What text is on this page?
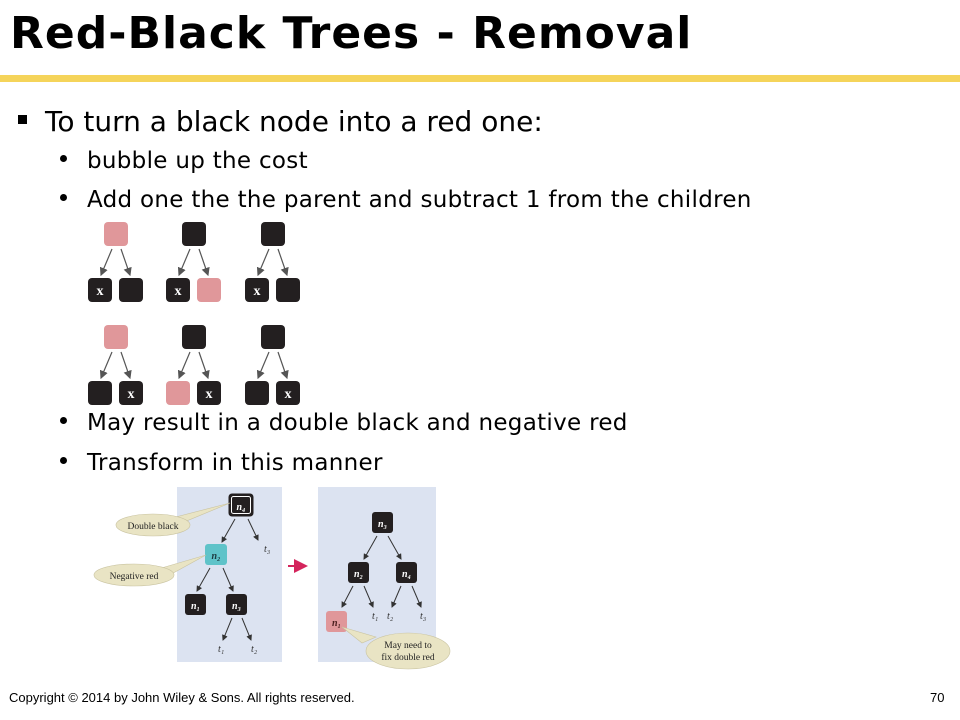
Red-Black Trees - Removal
To turn a black node into a red one:
bubble up the cost
Add one the the parent and subtract 1 from the children
x	x	x
x	x	x
May result in a double black and negative red
Transform in this manner
n₄
t₃
n₂
n₁	n₃
t₁	t₂
Double black
Negative red
n₃
n₂	n₄
n₁
t₁ t₂	t₃
May need to
fix double red
Copyright © 2014 by John Wiley & Sons. All rights reserved.	70
